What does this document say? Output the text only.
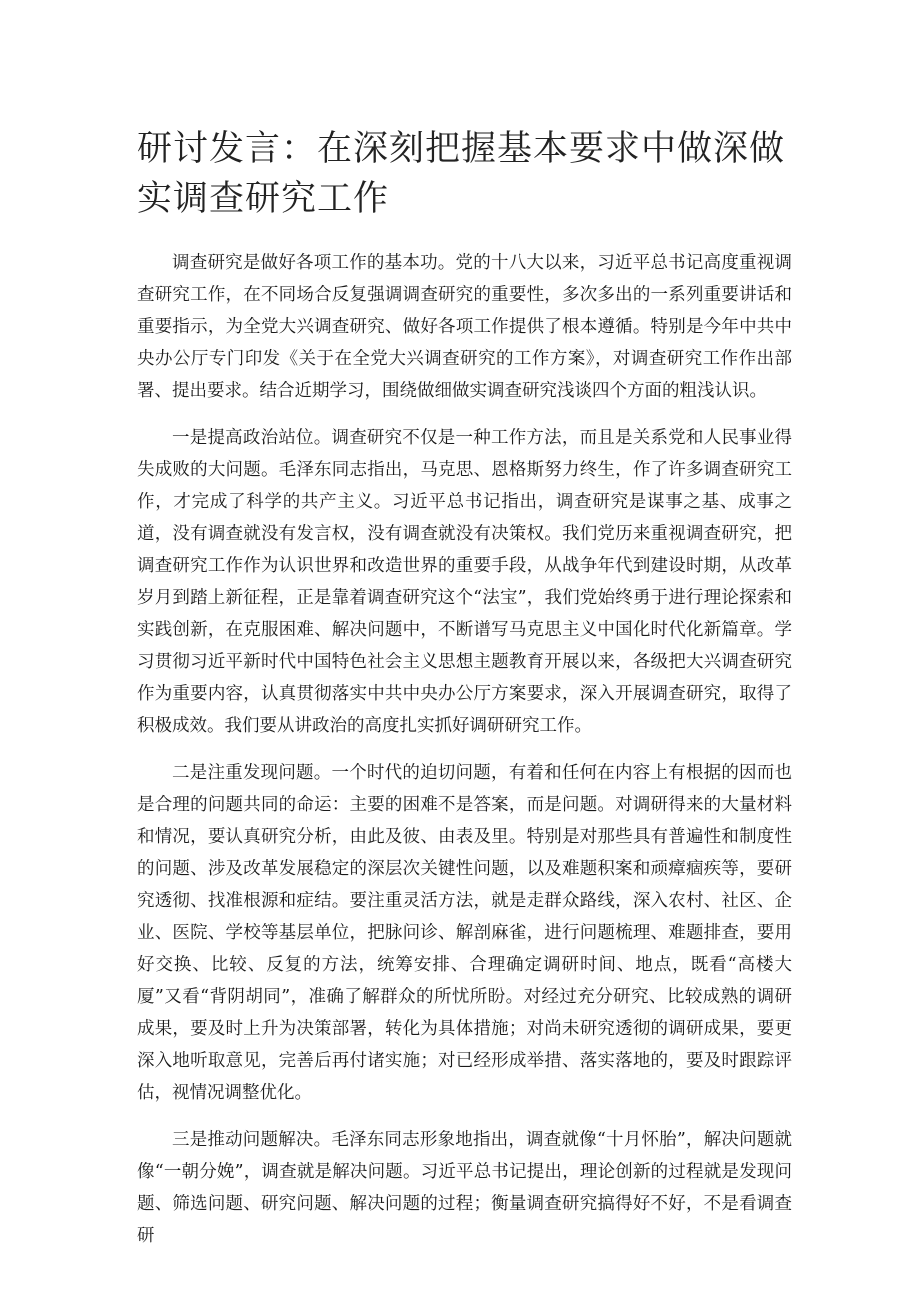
研讨发言：在深刻把握基本要求中做深做实调查研究工作

调查研究是做好各项工作的基本功。党的十八大以来，习近平总书记高度重视调查研究工作，在不同场合反复强调调查研究的重要性，多次多出的一系列重要讲话和重要指示，为全党大兴调查研究、做好各项工作提供了根本遵循。特别是今年中共中央办公厅专门印发《关于在全党大兴调查研究的工作方案》，对调查研究工作作出部署、提出要求。结合近期学习，围绕做细做实调查研究浅谈四个方面的粗浅认识。

一是提高政治站位。调查研究不仅是一种工作方法，而且是关系党和人民事业得失成败的大问题。毛泽东同志指出，马克思、恩格斯努力终生，作了许多调查研究工作，才完成了科学的共产主义。习近平总书记指出，调查研究是谋事之基、成事之道，没有调查就没有发言权，没有调查就没有决策权。我们党历来重视调查研究，把调查研究工作作为认识世界和改造世界的重要手段，从战争年代到建设时期，从改革岁月到踏上新征程，正是靠着调查研究这个“法宝”，我们党始终勇于进行理论探索和实践创新，在克服困难、解决问题中，不断谱写马克思主义中国化时代化新篇章。学习贯彻习近平新时代中国特色社会主义思想主题教育开展以来，各级把大兴调查研究作为重要内容，认真贯彻落实中共中央办公厅方案要求，深入开展调查研究，取得了积极成效。我们要从讲政治的高度扎实抓好调研研究工作。

二是注重发现问题。一个时代的迫切问题，有着和任何在内容上有根据的因而也是合理的问题共同的命运：主要的困难不是答案，而是问题。对调研得来的大量材料和情况，要认真研究分析，由此及彼、由表及里。特别是对那些具有普遍性和制度性的问题、涉及改革发展稳定的深层次关键性问题，以及难题积案和顽瘴痼疾等，要研究透彻、找准根源和症结。要注重灵活方法，就是走群众路线，深入农村、社区、企业、医院、学校等基层单位，把脉问诊、解剖麻雀，进行问题梳理、难题排查，要用好交换、比较、反复的方法，统筹安排、合理确定调研时间、地点，既看“高楼大厦”又看“背阴胡同”，准确了解群众的所忧所盼。对经过充分研究、比较成熟的调研成果，要及时上升为决策部署，转化为具体措施；对尚未研究透彻的调研成果，要更深入地听取意见，完善后再付诸实施；对已经形成举措、落实落地的，要及时跟踪评估，视情况调整优化。

三是推动问题解决。毛泽东同志形象地指出，调查就像“十月怀胎”，解决问题就像“一朝分娩”，调查就是解决问题。习近平总书记提出，理论创新的过程就是发现问题、筛选问题、研究问题、解决问题的过程；衡量调查研究搞得好不好，不是看调查研
